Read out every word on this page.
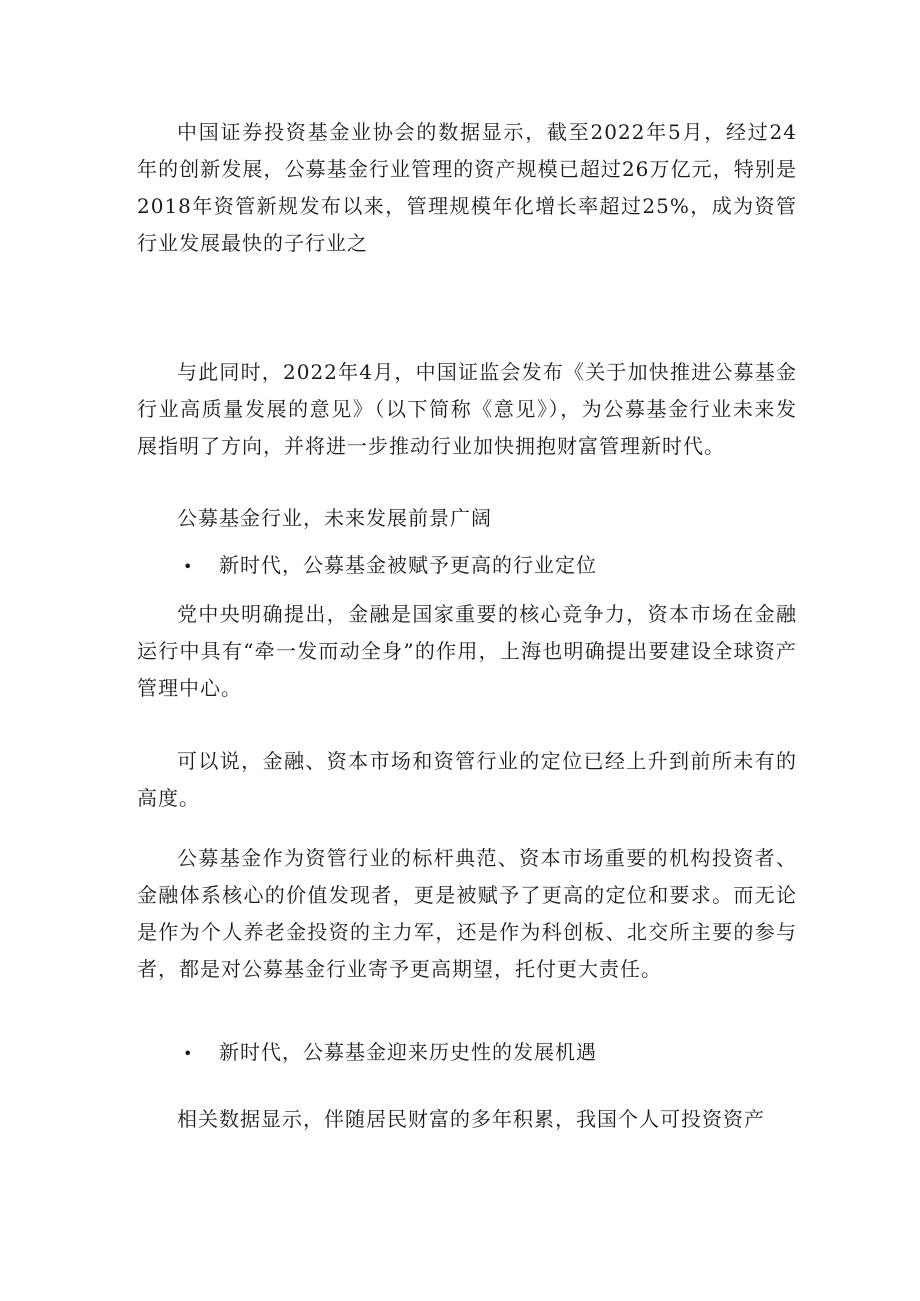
中国证券投资基金业协会的数据显示，截至2022年5月，经过24年的创新发展，公募基金行业管理的资产规模已超过26万亿元，特别是2018年资管新规发布以来，管理规模年化增长率超过25%，成为资管行业发展最快的子行业之

与此同时，2022年4月，中国证监会发布《关于加快推进公募基金行业高质量发展的意见》（以下简称《意见》），为公募基金行业未来发展指明了方向，并将进一步推动行业加快拥抱财富管理新时代。

公募基金行业，未来发展前景广阔

• 新时代，公募基金被赋予更高的行业定位

党中央明确提出，金融是国家重要的核心竞争力，资本市场在金融运行中具有“牵一发而动全身”的作用，上海也明确提出要建设全球资产管理中心。

可以说，金融、资本市场和资管行业的定位已经上升到前所未有的高度。

公募基金作为资管行业的标杆典范、资本市场重要的机构投资者、金融体系核心的价值发现者，更是被赋予了更高的定位和要求。而无论是作为个人养老金投资的主力军，还是作为科创板、北交所主要的参与者，都是对公募基金行业寄予更高期望，托付更大责任。

• 新时代，公募基金迎来历史性的发展机遇

相关数据显示，伴随居民财富的多年积累，我国个人可投资资产
